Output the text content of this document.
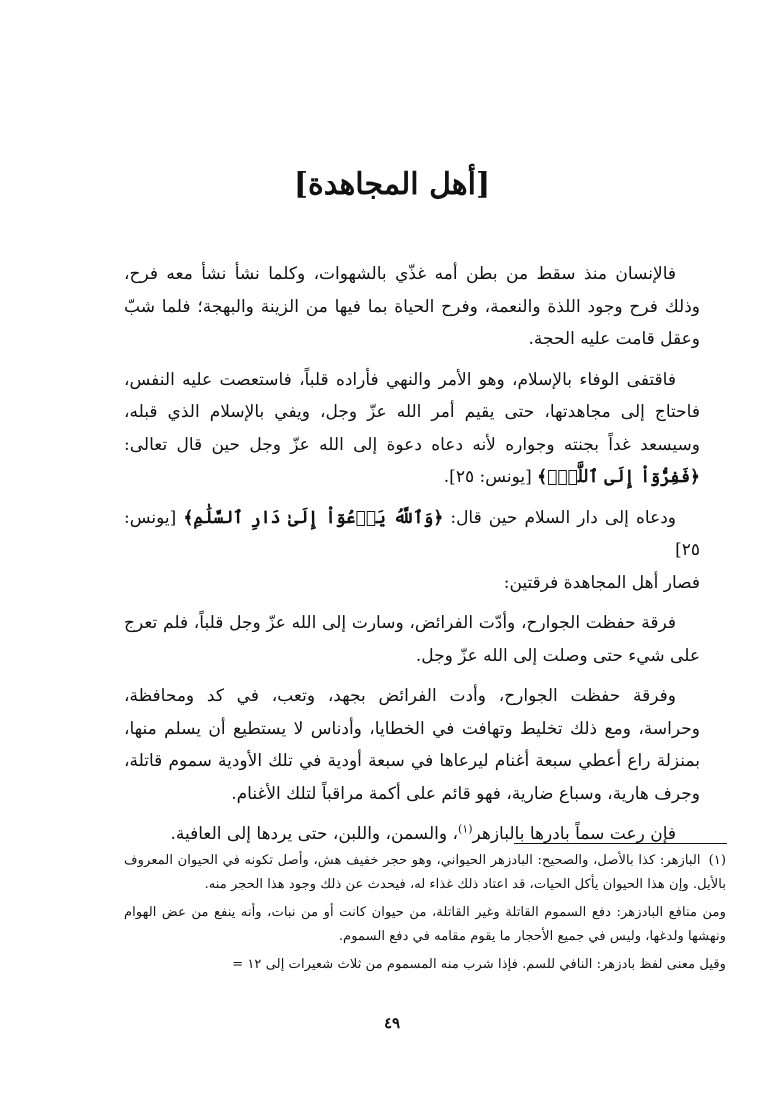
[أهل المجاهدة]

فالإنسان منذ سقط من بطن أمه غذّي بالشهوات، وكلما نشأ نشأ معه فرح، وذلك فرح وجود اللذة والنعمة، وفرح الحياة بما فيها من الزينة والبهجة؛ فلما شبّ وعقل قامت عليه الحجة.

فاقتفى الوفاء بالإسلام، وهو الأمر والنهي فأراده قلباً، فاستعصت عليه النفس، فاحتاج إلى مجاهدتها، حتى يقيم أمر الله عزّ وجل، ويفي بالإسلام الذي قبله، وسيسعد غداً بجنته وجواره لأنه دعاه دعوة إلى الله عزّ وجل حين قال تعالى: ﴿فَفِرُّوٓاْ إِلَى ٱللَّهِۖ﴾ [يونس: ٢٥].

ودعاه إلى دار السلام حين قال: ﴿وَٱللَّهُ يَدۡعُوٓاْ إِلَىٰ دَارِ ٱلسَّلَٰمِ﴾ [يونس: ٢٥]

فصار أهل المجاهدة فرقتين:

فرقة حفظت الجوارح، وأدّت الفرائض، وسارت إلى الله عزّ وجل قلباً، فلم تعرج على شيء حتى وصلت إلى الله عزّ وجل.

وفرقة حفظت الجوارح، وأدت الفرائض بجهد، وتعب، في كد ومحافظة، وحراسة، ومع ذلك تخليط وتهافت في الخطايا، وأدناس لا يستطيع أن يسلم منها، بمنزلة راع أعطي سبعة أغنام ليرعاها في سبعة أودية في تلك الأودية سموم قاتلة، وجرف هارية، وسباع ضارية، فهو قائم على أكمة مراقباً لتلك الأغنام.

فإن رعت سماً بادرها بالبازهر$^{(١)}$، والسمن، واللبن، حتى يردها إلى العافية.

(١)البازهر: كذا بالأصل، والصحيح: البادزهر الحيواني، وهو حجر خفيف هش، وأصل تكونه في الحيوان المعروف بالأيل. وإن هذا الحيوان يأكل الحيات، قد اعتاد ذلك غذاء له، فيحدث عن ذلك وجود هذا الحجر منه.

ومن منافع البادزهر: دفع السموم القاتلة وغير القاتلة، من حيوان كانت أو من نبات، وأنه ينفع من عض الهوام ونهشها ولدغها، وليس في جميع الأحجار ما يقوم مقامه في دفع السموم.

وقيل معنى لفظ بادزهر: النافي للسم. فإذا شرب منه المسموم من ثلاث شعيرات إلى ١٢ =

٤٩
